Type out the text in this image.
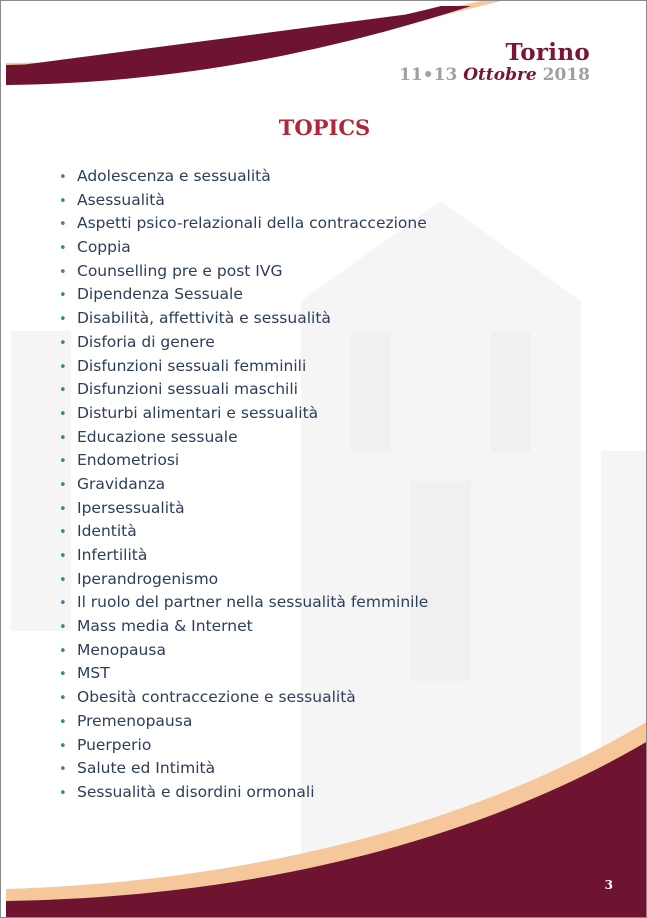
Torino
11•13 Ottobre 2018
TOPICS
• Adolescenza e sessualità
• Asessualità
• Aspetti psico-relazionali della contraccezione
• Coppia
• Counselling pre e post IVG
• Dipendenza Sessuale
• Disabilità, affettività e sessualità
• Disforia di genere
• Disfunzioni sessuali femminili
• Disfunzioni sessuali maschili
• Disturbi alimentari e sessualità
• Educazione sessuale
• Endometriosi
• Gravidanza
• Ipersessualità
• Identità
• Infertilità
• Iperandrogenismo
• Il ruolo del partner nella sessualità femminile
• Mass media & Internet
• Menopausa
• MST
• Obesità contraccezione e sessualità
• Premenopausa
• Puerperio
• Salute ed Intimità
• Sessualità e disordini ormonali
3
